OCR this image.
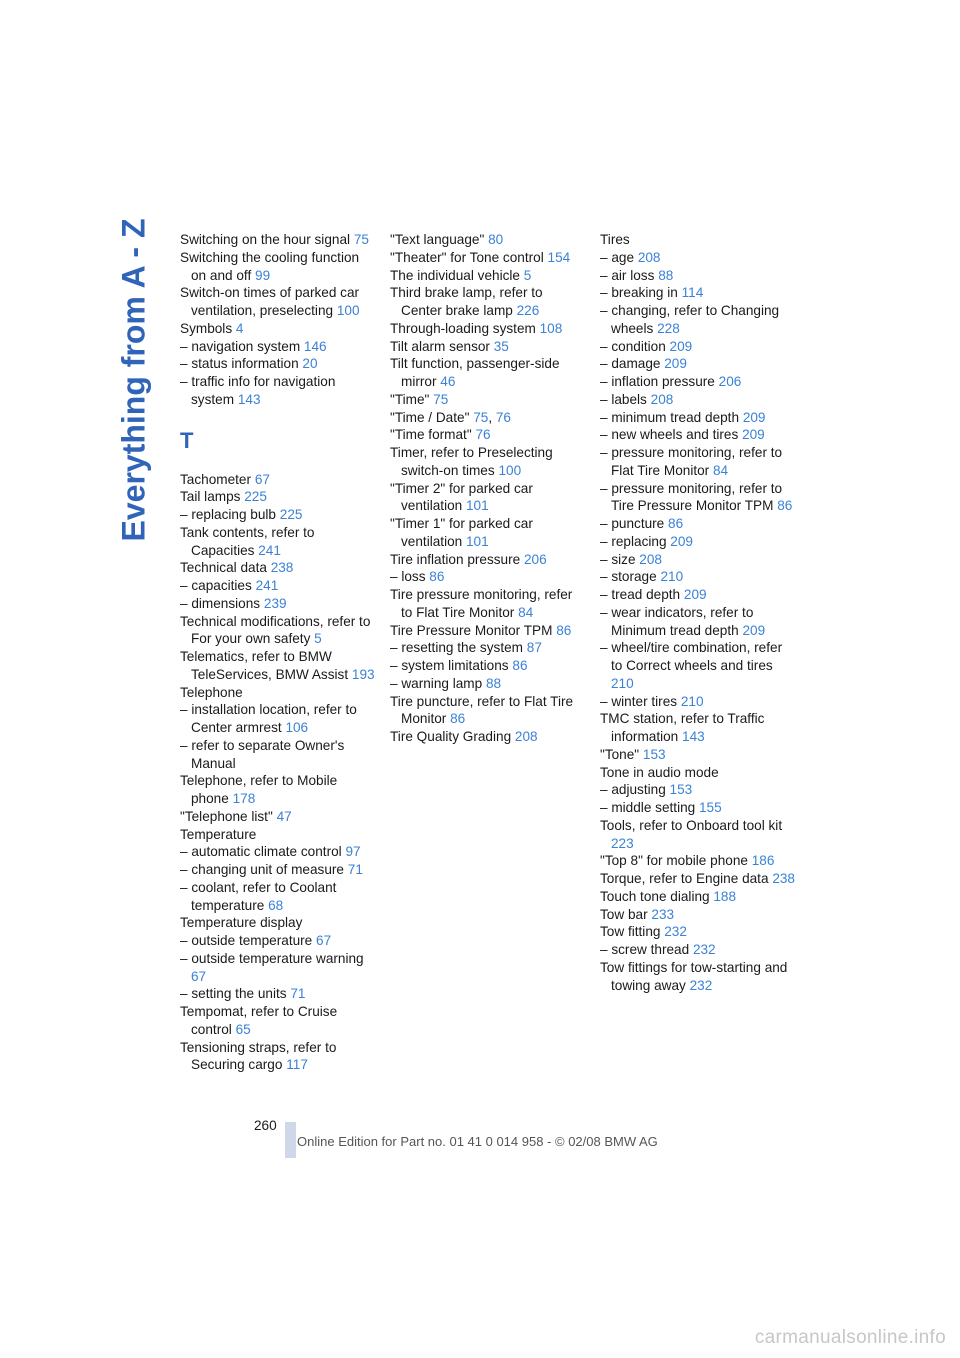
Everything from A - Z Switching on the hour signal 75
Switching the cooling function on and off 99
Switch-on times of parked car ventilation, preselecting 100
Symbols 4
– navigation system 146
– status information 20
– traffic info for navigation system 143
T
Tachometer 67
Tail lamps 225
– replacing bulb 225
Tank contents, refer to Capacities 241
Technical data 238
– capacities 241
– dimensions 239
Technical modifications, refer to For your own safety 5
Telematics, refer to BMW TeleServices, BMW Assist 193
Telephone
– installation location, refer to Center armrest 106
– refer to separate Owner's Manual
Telephone, refer to Mobile phone 178
"Telephone list" 47
Temperature
– automatic climate control 97
– changing unit of measure 71
– coolant, refer to Coolant temperature 68
Temperature display
– outside temperature 67
– outside temperature warning 67
– setting the units 71
Tempomat, refer to Cruise control 65
Tensioning straps, refer to Securing cargo 117
"Text language" 80
"Theater" for Tone control 154
The individual vehicle 5
Third brake lamp, refer to Center brake lamp 226
Through-loading system 108
Tilt alarm sensor 35
Tilt function, passenger-side mirror 46
"Time" 75
"Time / Date" 75, 76
"Time format" 76
Timer, refer to Preselecting switch-on times 100
"Timer 2" for parked car ventilation 101
"Timer 1" for parked car ventilation 101
Tire inflation pressure 206
– loss 86
Tire pressure monitoring, refer to Flat Tire Monitor 84
Tire Pressure Monitor TPM 86
– resetting the system 87
– system limitations 86
– warning lamp 88
Tire puncture, refer to Flat Tire Monitor 86
Tire Quality Grading 208
Tires
– age 208
– air loss 88
– breaking in 114
– changing, refer to Changing wheels 228
– condition 209
– damage 209
– inflation pressure 206
– labels 208
– minimum tread depth 209
– new wheels and tires 209
– pressure monitoring, refer to Flat Tire Monitor 84
– pressure monitoring, refer to Tire Pressure Monitor TPM 86
– puncture 86
– replacing 209
– size 208
– storage 210
– tread depth 209
– wear indicators, refer to Minimum tread depth 209
– wheel/tire combination, refer to Correct wheels and tires 210
– winter tires 210
TMC station, refer to Traffic information 143
"Tone" 153
Tone in audio mode
– adjusting 153
– middle setting 155
Tools, refer to Onboard tool kit 223
"Top 8" for mobile phone 186
Torque, refer to Engine data 238
Touch tone dialing 188
Tow bar 233
Tow fitting 232
– screw thread 232
Tow fittings for tow-starting and towing away 232
260
Online Edition for Part no. 01 41 0 014 958 - © 02/08 BMW AG
carmanualsonline.info
